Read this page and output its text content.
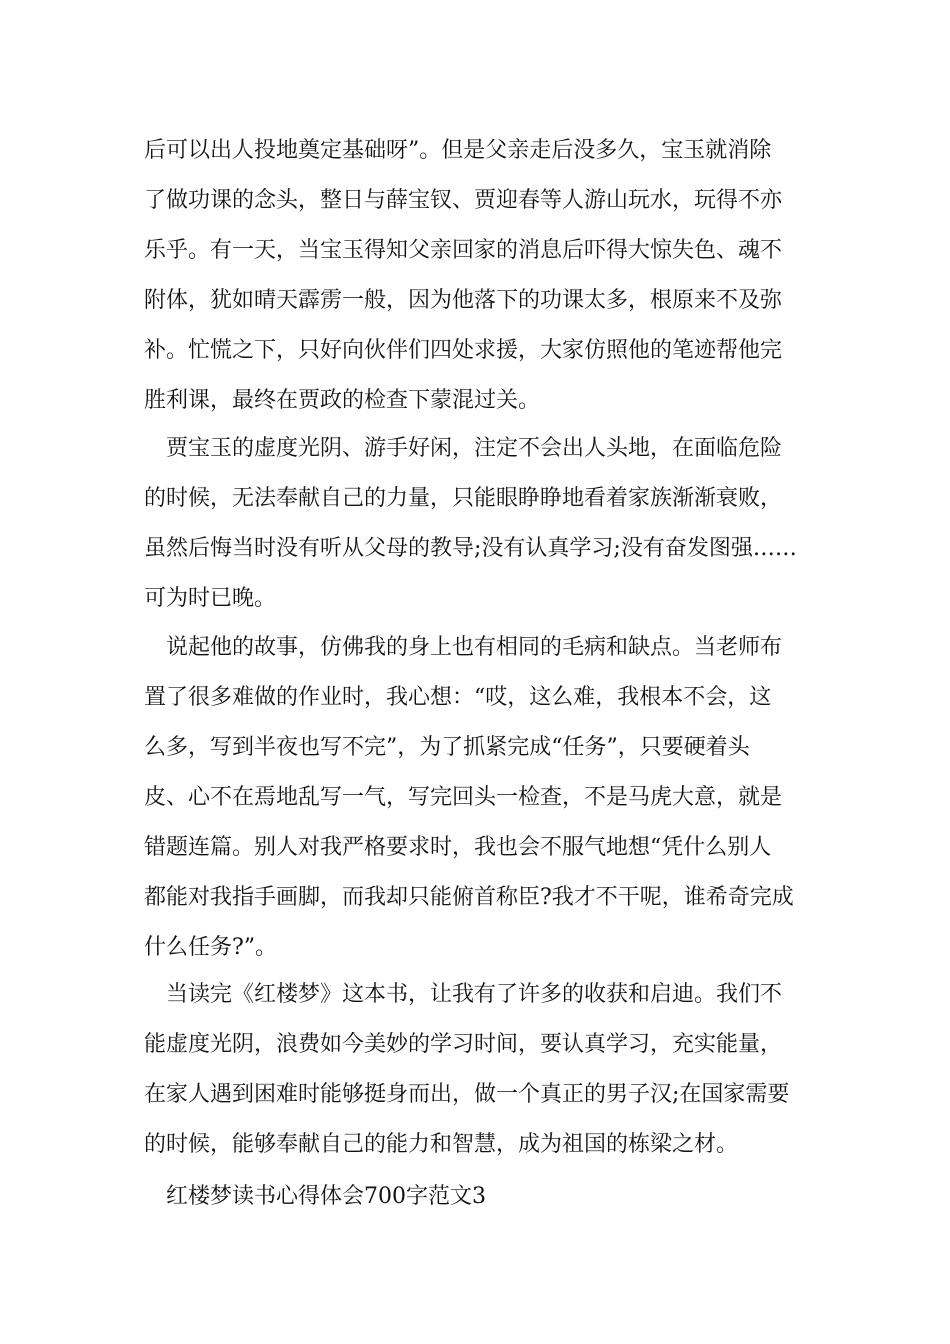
后可以出人投地奠定基础呀”。但是父亲走后没多久，宝玉就消除
了做功课的念头，整日与薛宝钗、贾迎春等人游山玩水，玩得不亦
乐乎。有一天，当宝玉得知父亲回家的消息后吓得大惊失色、魂不
附体，犹如晴天霹雳一般，因为他落下的功课太多，根原来不及弥
补。忙慌之下，只好向伙伴们四处求援，大家仿照他的笔迹帮他完
胜利课，最终在贾政的检查下蒙混过关。
贾宝玉的虚度光阴、游手好闲，注定不会出人头地，在面临危险
的时候，无法奉献自己的力量，只能眼睁睁地看着家族渐渐衰败，
虽然后悔当时没有听从父母的教导;没有认真学习;没有奋发图强……
可为时已晚。
说起他的故事，仿佛我的身上也有相同的毛病和缺点。当老师布
置了很多难做的作业时，我心想：“哎，这么难，我根本不会，这
么多，写到半夜也写不完”，为了抓紧完成“任务”，只要硬着头
皮、心不在焉地乱写一气，写完回头一检查，不是马虎大意，就是
错题连篇。别人对我严格要求时，我也会不服气地想“凭什么别人
都能对我指手画脚，而我却只能俯首称臣?我才不干呢，谁希奇完成
什么任务?”。
当读完《红楼梦》这本书，让我有了许多的收获和启迪。我们不
能虚度光阴，浪费如今美妙的学习时间，要认真学习，充实能量，
在家人遇到困难时能够挺身而出，做一个真正的男子汉;在国家需要
的时候，能够奉献自己的能力和智慧，成为祖国的栋梁之材。
红楼梦读书心得体会700字范文3
